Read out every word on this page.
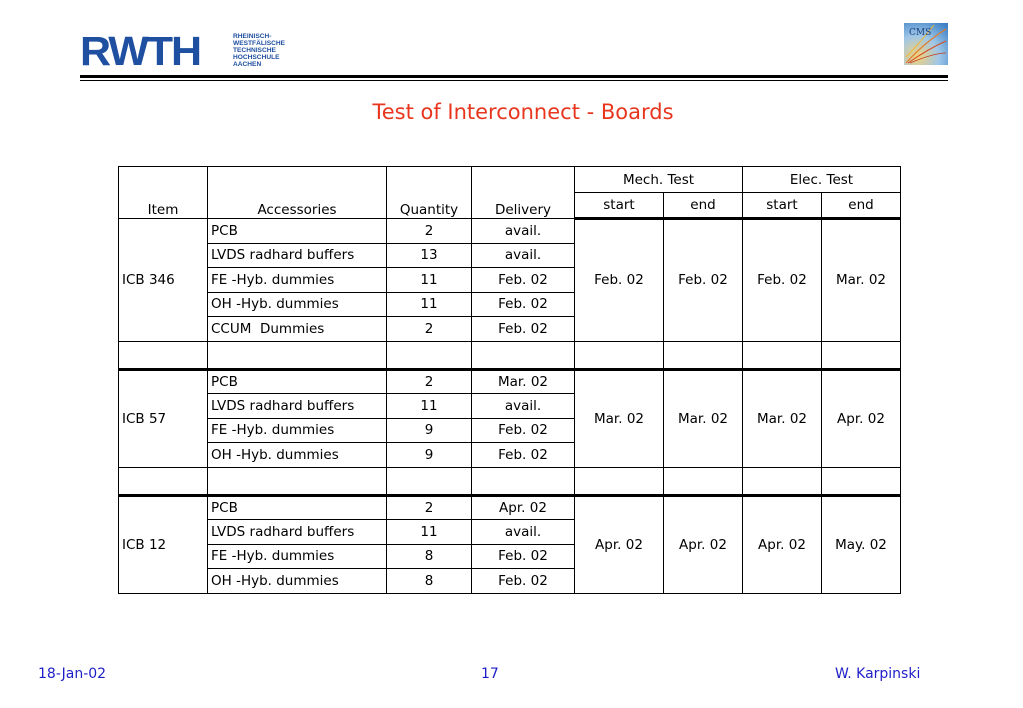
RWTH	RHEINISCH-
WESTFÄLISCHE
TECHNISCHE
HOCHSCHULE
AACHEN
CMS
Test of Interconnect - Boards
Item	Accessories	Quantity	Delivery	Mech. Test		Elec. Test	
				start	end	start	end
ICB 346	PCB	2	avail.	Feb. 02	Feb. 02	Feb. 02	Mar. 02
	LVDS radhard buffers	13	avail.				
	FE -Hyb. dummies	11	Feb. 02				
	OH -Hyb. dummies	11	Feb. 02				
	CCUM  Dummies	2	Feb. 02				

ICB 57	PCB	2	Mar. 02	Mar. 02	Mar. 02	Mar. 02	Apr. 02
	LVDS radhard buffers	11	avail.				
	FE -Hyb. dummies	9	Feb. 02				
	OH -Hyb. dummies	9	Feb. 02				

ICB 12	PCB	2	Apr. 02	Apr. 02	Apr. 02	Apr. 02	May. 02
	LVDS radhard buffers	11	avail.				
	FE -Hyb. dummies	8	Feb. 02				
	OH -Hyb. dummies	8	Feb. 02				
18-Jan-02	17	W. Karpinski
